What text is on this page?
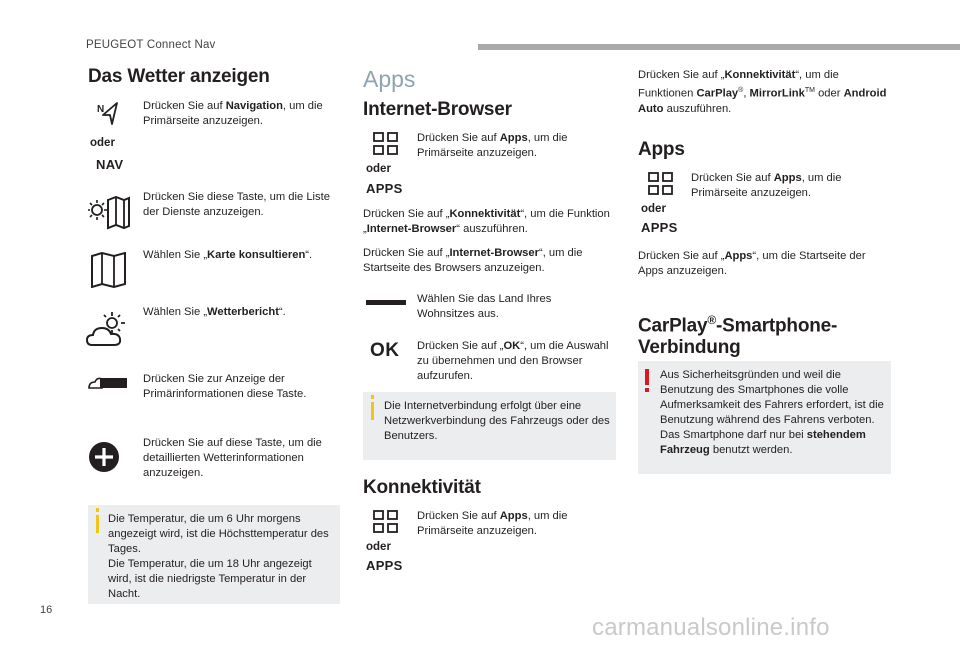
PEUGEOT Connect Nav
Das Wetter anzeigen
N
oder
NAV
Drücken Sie auf Navigation, um die Primärseite anzuzeigen.
Drücken Sie diese Taste, um die Liste der Dienste anzuzeigen.
Wählen Sie „Karte konsultieren“.
Wählen Sie „Wetterbericht“.
Drücken Sie zur Anzeige der Primärinformationen diese Taste.
Drücken Sie auf diese Taste, um die detaillierten Wetterinformationen anzuzeigen.
Die Temperatur, die um 6 Uhr morgens angezeigt wird, ist die Höchsttemperatur des Tages.
Die Temperatur, die um 18 Uhr angezeigt wird, ist die niedrigste Temperatur in der Nacht.
Apps
Internet-Browser
oder
APPS
Drücken Sie auf Apps, um die Primärseite anzuzeigen.
Drücken Sie auf „Konnektivität“, um die Funktion „Internet-Browser“ auszuführen.
Drücken Sie auf „Internet-Browser“, um die Startseite des Browsers anzuzeigen.
Wählen Sie das Land Ihres Wohnsitzes aus.
OK Drücken Sie auf „OK“, um die Auswahl zu übernehmen und den Browser aufzurufen.
Die Internetverbindung erfolgt über eine Netzwerkverbindung des Fahrzeugs oder des Benutzers.
Konnektivität
oder
APPS
Drücken Sie auf Apps, um die Primärseite anzuzeigen.
Drücken Sie auf „Konnektivität“, um die Funktionen CarPlay®, MirrorLink™ oder Android Auto auszuführen.
Apps
oder
APPS
Drücken Sie auf Apps, um die Primärseite anzuzeigen.
Drücken Sie auf „Apps“, um die Startseite der Apps anzuzeigen.
CarPlay®-Smartphone-
Verbindung
Aus Sicherheitsgründen und weil die Benutzung des Smartphones die volle Aufmerksamkeit des Fahrers erfordert, ist die Benutzung während des Fahrens verboten.
Das Smartphone darf nur bei stehendem Fahrzeug benutzt werden.
16
carmanualsonline.info
